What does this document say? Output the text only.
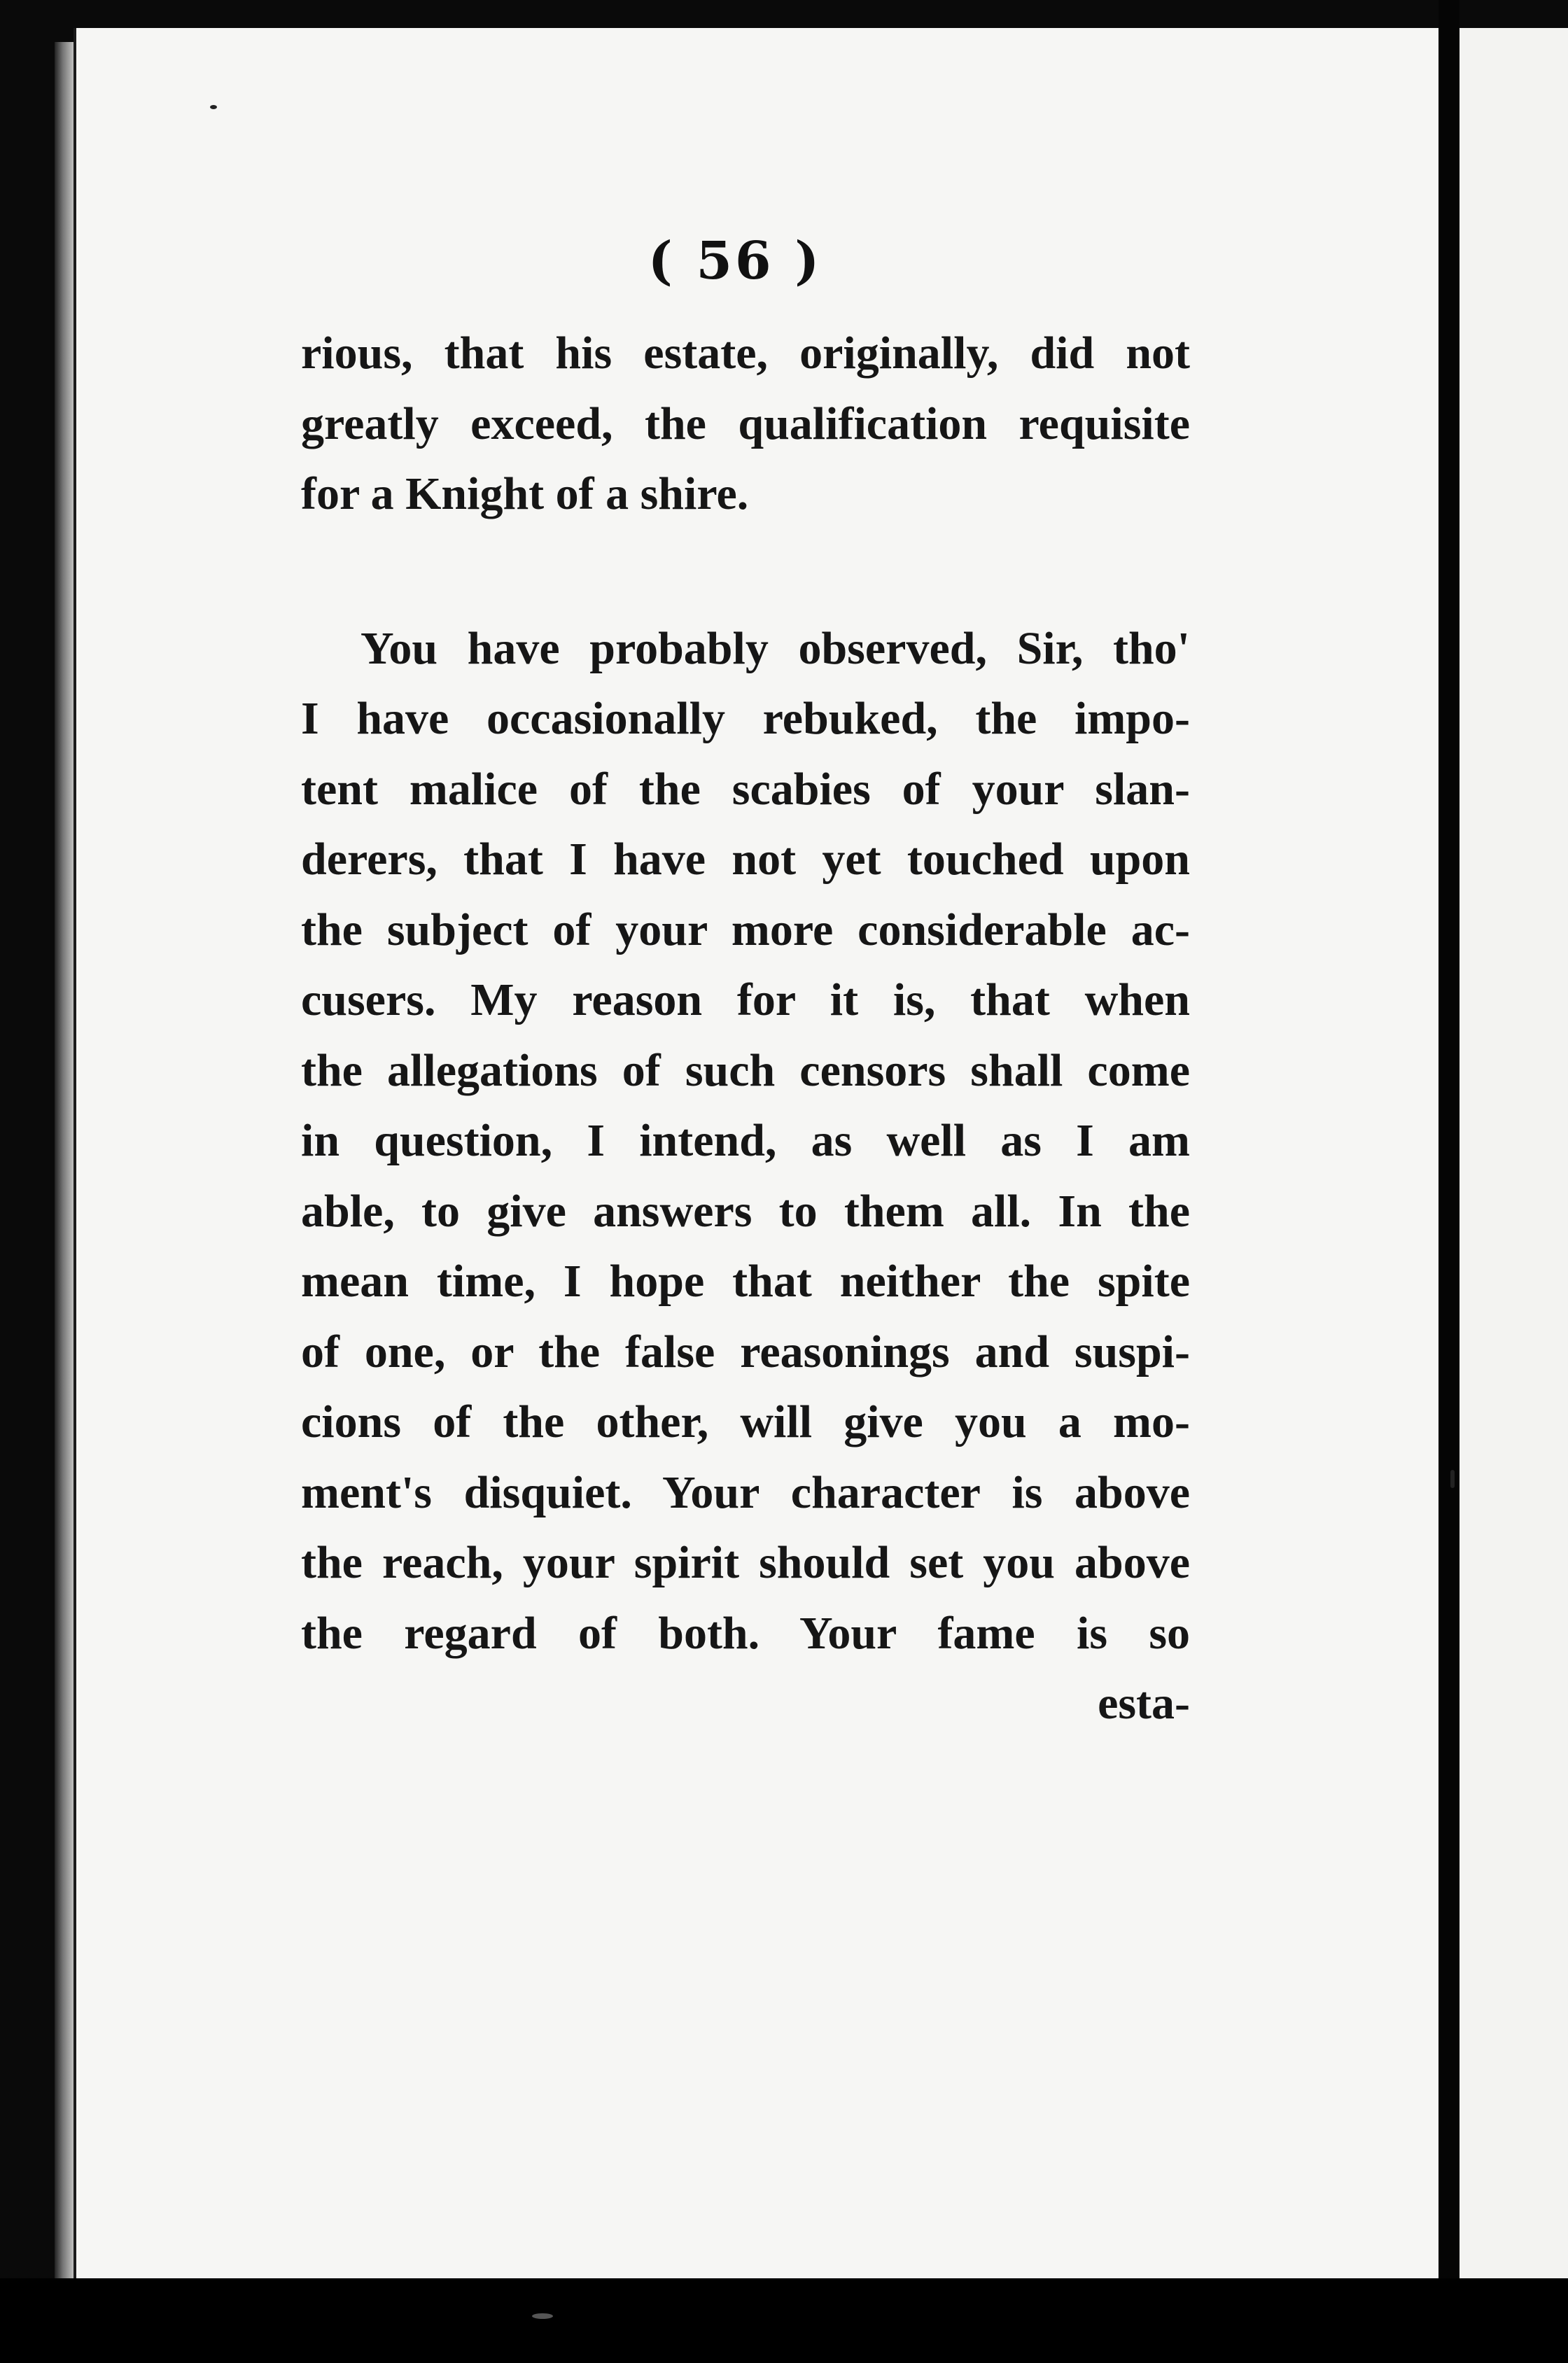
( 56 )
rious, that his estate, originally, did not
greatly exceed, the qualification requisite
for a Knight of a shire.
You have probably observed, Sir, tho'
I have occasionally rebuked, the impo-
tent malice of the scabies of your slan-
derers, that I have not yet touched upon
the subject of your more considerable ac-
cusers. My reason for it is, that when
the allegations of such censors shall come
in question, I intend, as well as I am
able, to give answers to them all. In the
mean time, I hope that neither the spite
of one, or the false reasonings and suspi-
cions of the other, will give you a mo-
ment's disquiet. Your character is above
the reach, your spirit should set you above
the regard of both. Your fame is so
esta-
